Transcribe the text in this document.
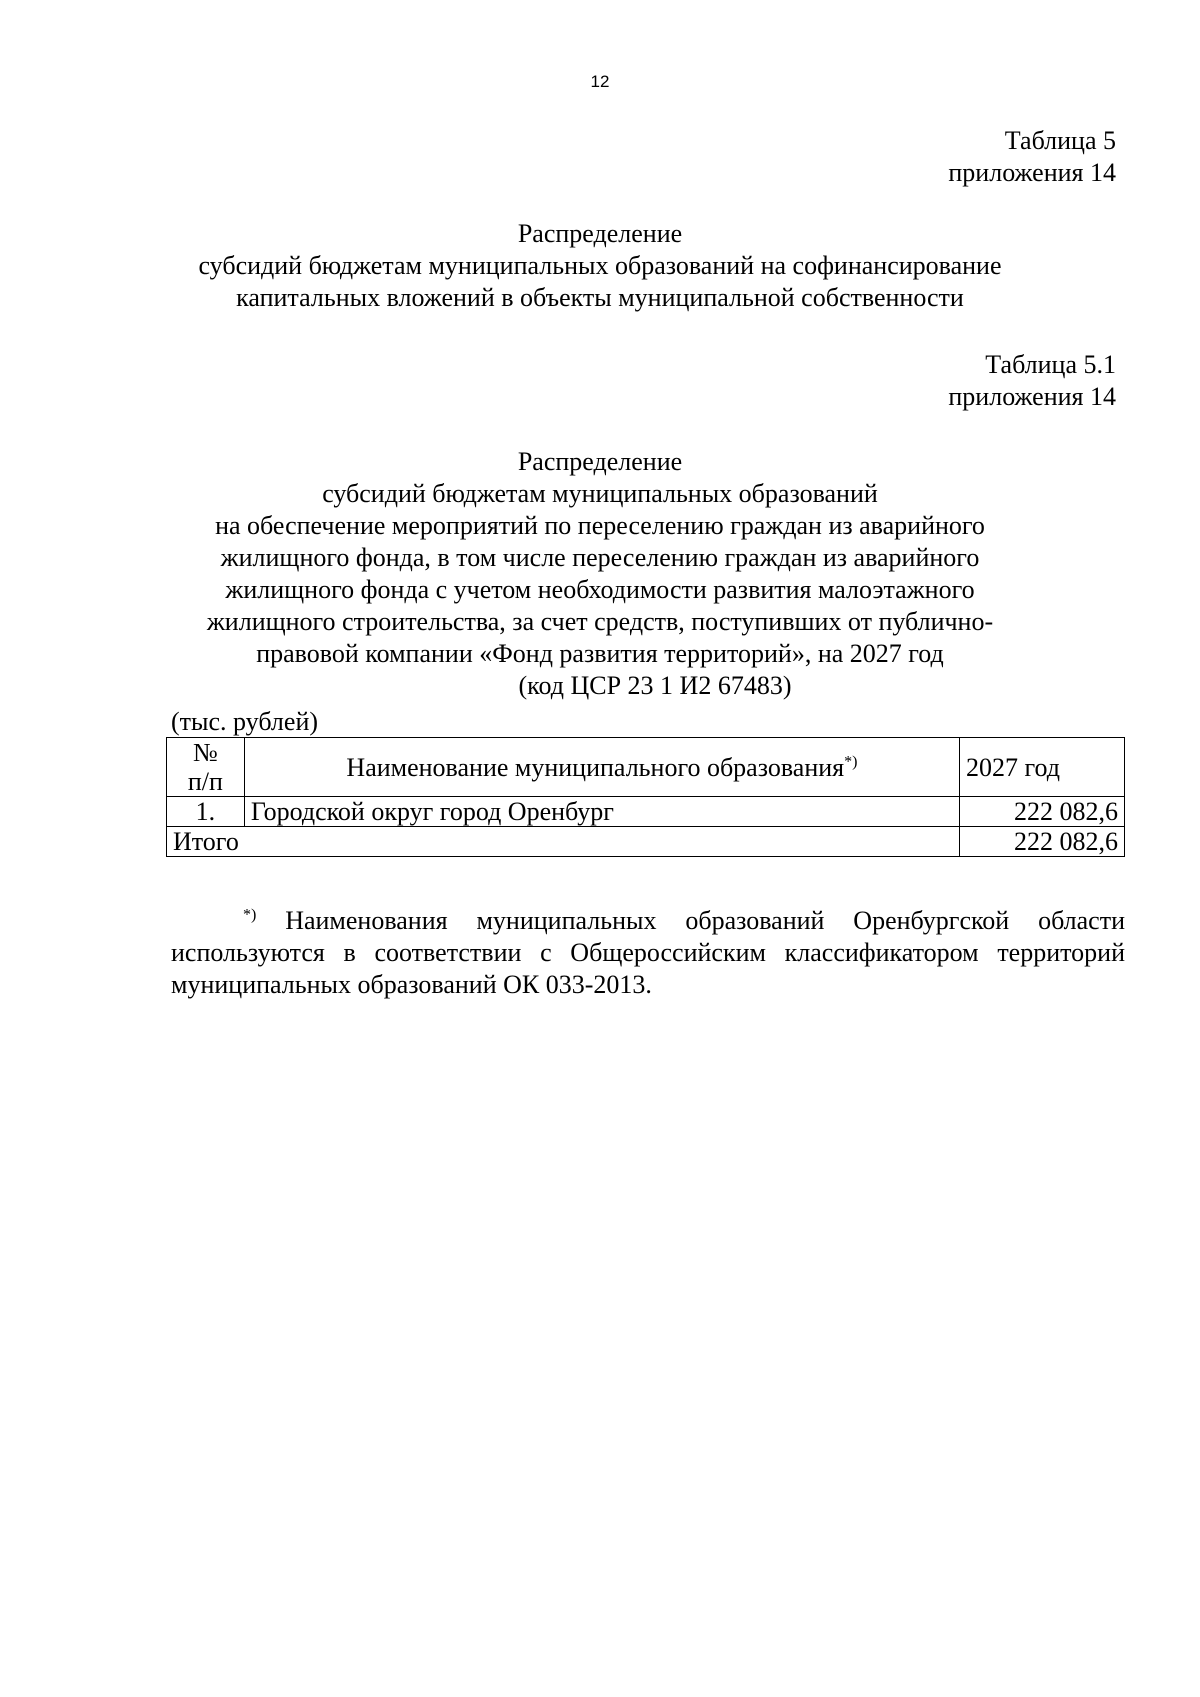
12
Таблица 5
приложения 14
Распределение
субсидий бюджетам муниципальных образований на софинансирование
капитальных вложений в объекты муниципальной собственности
Таблица 5.1
приложения 14
Распределение
субсидий бюджетам муниципальных образований
на обеспечение мероприятий по переселению граждан из аварийного
жилищного фонда, в том числе переселению граждан из аварийного
жилищного фонда с учетом необходимости развития малоэтажного
жилищного строительства, за счет средств, поступивших от публично-
правовой компании «Фонд развития территорий», на 2027 год
(код ЦСР 23 1 И2 67483)
(тыс. рублей)
№
п/п	Наименование муниципального образования*)	2027 год
1.	Городской округ город Оренбург	222 082,6
Итого		222 082,6
*) Наименования муниципальных образований Оренбургской области используются в соответствии с Общероссийским классификатором территорий муниципальных образований ОК 033-2013.
